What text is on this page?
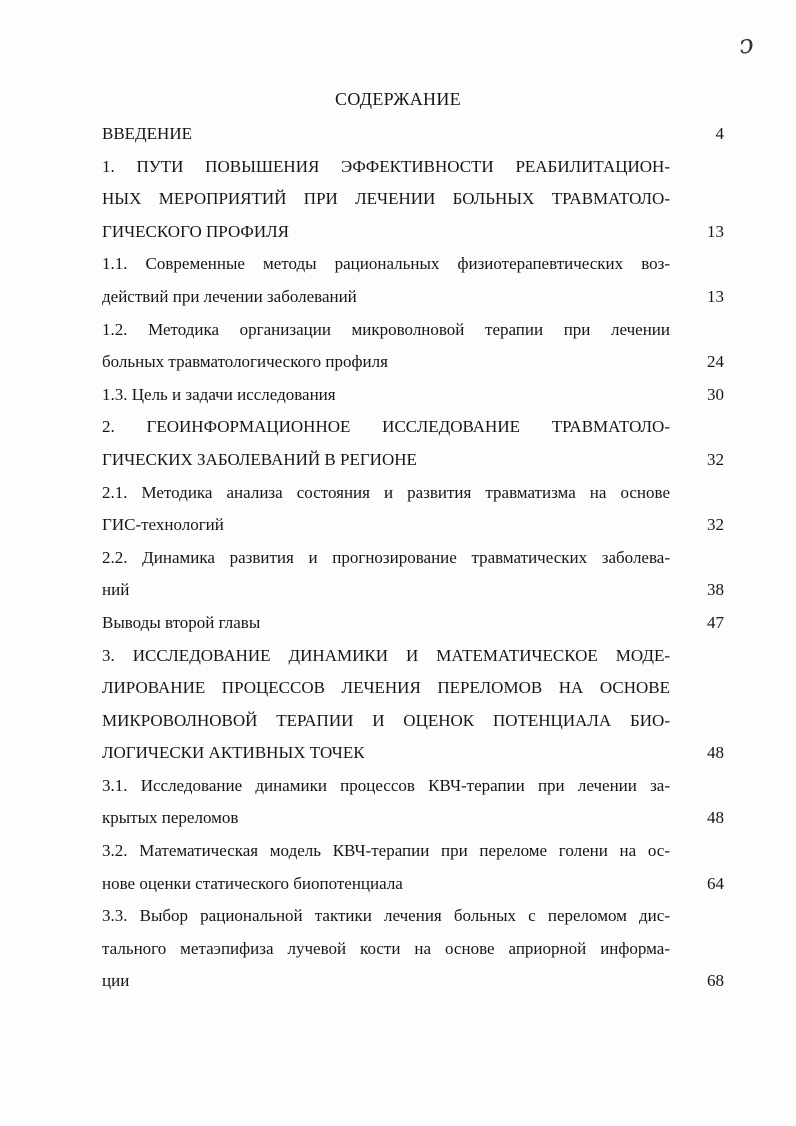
ↄ
СОДЕРЖАНИЕ
ВВЕДЕНИЕ	4
1. ПУТИ ПОВЫШЕНИЯ ЭФФЕКТИВНОСТИ РЕАБИЛИТАЦИОН-
НЫХ МЕРОПРИЯТИЙ ПРИ ЛЕЧЕНИИ БОЛЬНЫХ ТРАВМАТОЛО-
ГИЧЕСКОГО ПРОФИЛЯ	13
1.1. Современные методы рациональных физиотерапевтических воз-
действий при лечении заболеваний	13
1.2. Методика организации микроволновой терапии при лечении
больных травматологического профиля	24
1.3. Цель и задачи исследования	30
2. ГЕОИНФОРМАЦИОННОЕ ИССЛЕДОВАНИЕ ТРАВМАТОЛО-
ГИЧЕСКИХ ЗАБОЛЕВАНИЙ В РЕГИОНЕ	32
2.1. Методика анализа состояния и развития травматизма на основе
ГИС-технологий	32
2.2. Динамика развития и прогнозирование травматических заболева-
ний	38
Выводы второй главы	47
3. ИССЛЕДОВАНИЕ ДИНАМИКИ И МАТЕМАТИЧЕСКОЕ МОДЕ-
ЛИРОВАНИЕ ПРОЦЕССОВ ЛЕЧЕНИЯ ПЕРЕЛОМОВ НА ОСНОВЕ
МИКРОВОЛНОВОЙ ТЕРАПИИ И ОЦЕНОК ПОТЕНЦИАЛА БИО-
ЛОГИЧЕСКИ АКТИВНЫХ ТОЧЕК	48
3.1. Исследование динамики процессов КВЧ-терапии при лечении за-
крытых переломов	48
3.2. Математическая модель КВЧ-терапии при переломе голени на ос-
нове оценки статического биопотенциала	64
3.3. Выбор рациональной тактики лечения больных с переломом дис-
тального метаэпифиза лучевой кости на основе априорной информа-
ции	68
